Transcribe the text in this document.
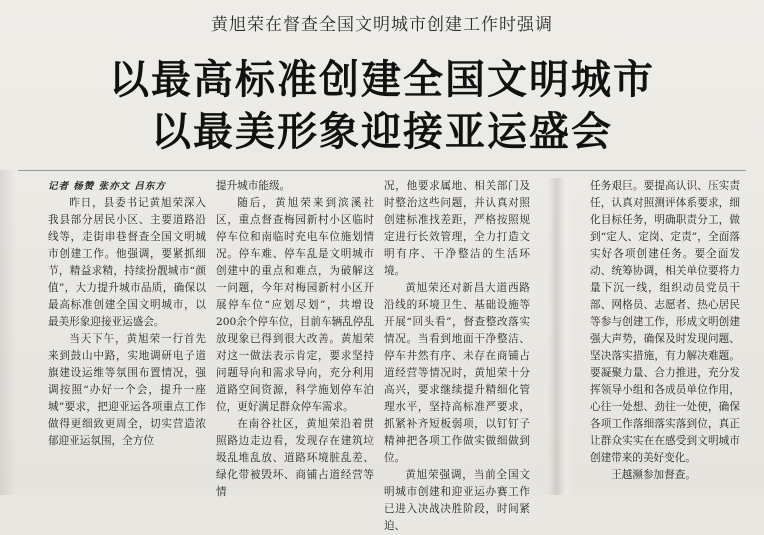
黄旭荣在督查全国文明城市创建工作时强调
以最高标准创建全国文明城市
以最美形象迎接亚运盛会

记者 杨赞 张亦文 吕东方

昨日，县委书记黄旭荣深入我县部分居民小区、主要道路沿线等，走街串巷督查全国文明城市创建工作。他强调，要紧抓细节，精益求精，持续扮靓城市“颜值”，大力提升城市品质，确保以最高标准创建全国文明城市，以最美形象迎接亚运盛会。

当天下午，黄旭荣一行首先来到鼓山中路，实地调研电子道旗建设运维等氛围布置情况，强调按照“办好一个会，提升一座城”要求，把迎亚运各项重点工作做得更细致更周全，切实营造浓郁迎亚运氛围，全方位

提升城市能级。

随后，黄旭荣来到滨溪社区，重点督查梅园新村小区临时停车位和南临时充电车位施划情况。停车难、停车乱是文明城市创建中的重点和难点，为破解这一问题，今年对梅园新村小区开展停车位“应划尽划”，共增设200余个停车位，目前车辆乱停乱放现象已得到很大改善。黄旭荣对这一做法表示肯定，要求坚持问题导向和需求导向，充分利用道路空间资源，科学施划停车泊位，更好满足群众停车需求。

在南谷社区，黄旭荣沿着贯照路边走边看，发现存在建筑垃圾乱堆乱放、道路环境脏乱差、绿化带被毁坏、商铺占道经营等情

况，他要求属地、相关部门及时整治这些问题，并认真对照创建标准找差距，严格按照规定进行长效管理，全力打造文明有序、干净整洁的生活环境。

黄旭荣还对新昌大道西路沿线的环境卫生、基础设施等开展“回头看”，督查整改落实情况。当看到地面干净整洁、停车井然有序、未存在商铺占道经营等情况时，黄旭荣十分高兴，要求继续提升精细化管理水平，坚持高标准严要求，抓紧补齐短板弱项，以钉钉子精神把各项工作做实做细做到位。

黄旭荣强调，当前全国文明城市创建和迎亚运办赛工作已进入决战决胜阶段，时间紧迫、

任务艰巨。要提高认识、压实责任，认真对照测评体系要求，细化目标任务，明确职责分工，做到“定人、定岗、定责”，全面落实好各项创建任务。要全面发动、统筹协调，相关单位要将力量下沉一线，组织动员党员干部、网格员、志愿者、热心居民等参与创建工作，形成文明创建强大声势，确保及时发现问题、坚决落实措施，有力解决难题。要凝聚力量、合力推进，充分发挥领导小组和各成员单位作用，心往一处想、劲往一处使，确保各项工作落细落实落到位，真正让群众实实在在感受到文明城市创建带来的美好变化。

王越濒参加督查。
